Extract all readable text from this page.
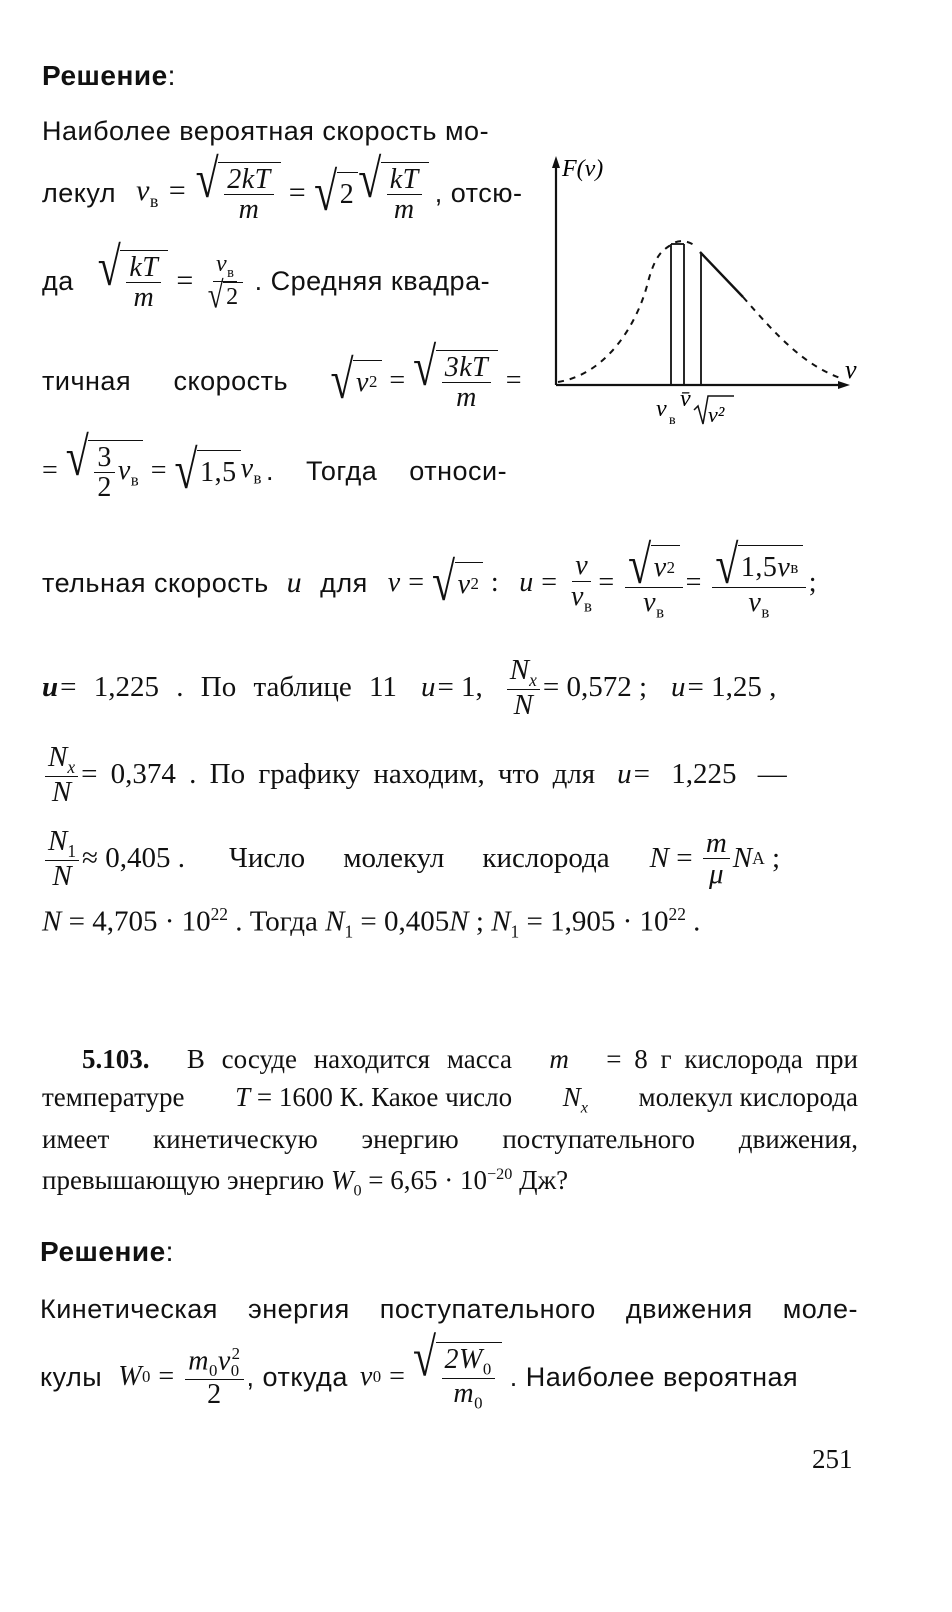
Решение:
Наиболее вероятная скорость мо-
лекул $v_в$ = √ $\frac{2kT}{m}$ = √ 2 √ $\frac{kT}{m}$ , отсю-
да √ $\frac{kT}{m} = \frac{v_в}{√ 2}$ . Средняя квадра-
тичная скорость √ v 2 = √ $\frac{3kT}{m}$ =
= √ $\frac{3}{2} v_в$ = √ 1,5 $v_в$ . Тогда относи-
F(v)
v
v в
v̄
v²
тельная скорость u для v = √ v 2 : $u = \frac{v}{v_в} = \frac{√ v 2}{v_в} = \frac{\text{√ 1,5 v в}}{v_в}$ ;
u = 1,225 . По таблице 11 u = 1, $\frac{N_x}{N} = 0,572$ ; u = 1,25 ,
$\frac{N_x}{N} = 0,374$ . По графику находим, что для u = 1,225 —
$\frac{N_1}{N} \approx 0,405$ . Число молекул кислорода $N = \frac{m}{\mu}$ N A ;
$N = 4,705 \cdot 10^{22}$ . Тогда $N_1 = 0,405N$ ; $N_1 = 1,905 \cdot 10^{22}$ .
5.103. В сосуде находится масса m = 8 г кислорода при
температуре T = 1600 К. Какое число $N_x$ молекул кислорода
имеет кинетическую энергию поступательного движения,
превышающую энергию $W_0 = 6,65 \cdot 10^{-20}$ Дж?
Решение:
Кинетическая энергия поступательного движения моле-
кулы W $0 = \frac{m_0v_0^2}{2}$ , откуда v 0 = √ $\frac{2W_0}{m_0}$ . Наиболее вероятная
251
